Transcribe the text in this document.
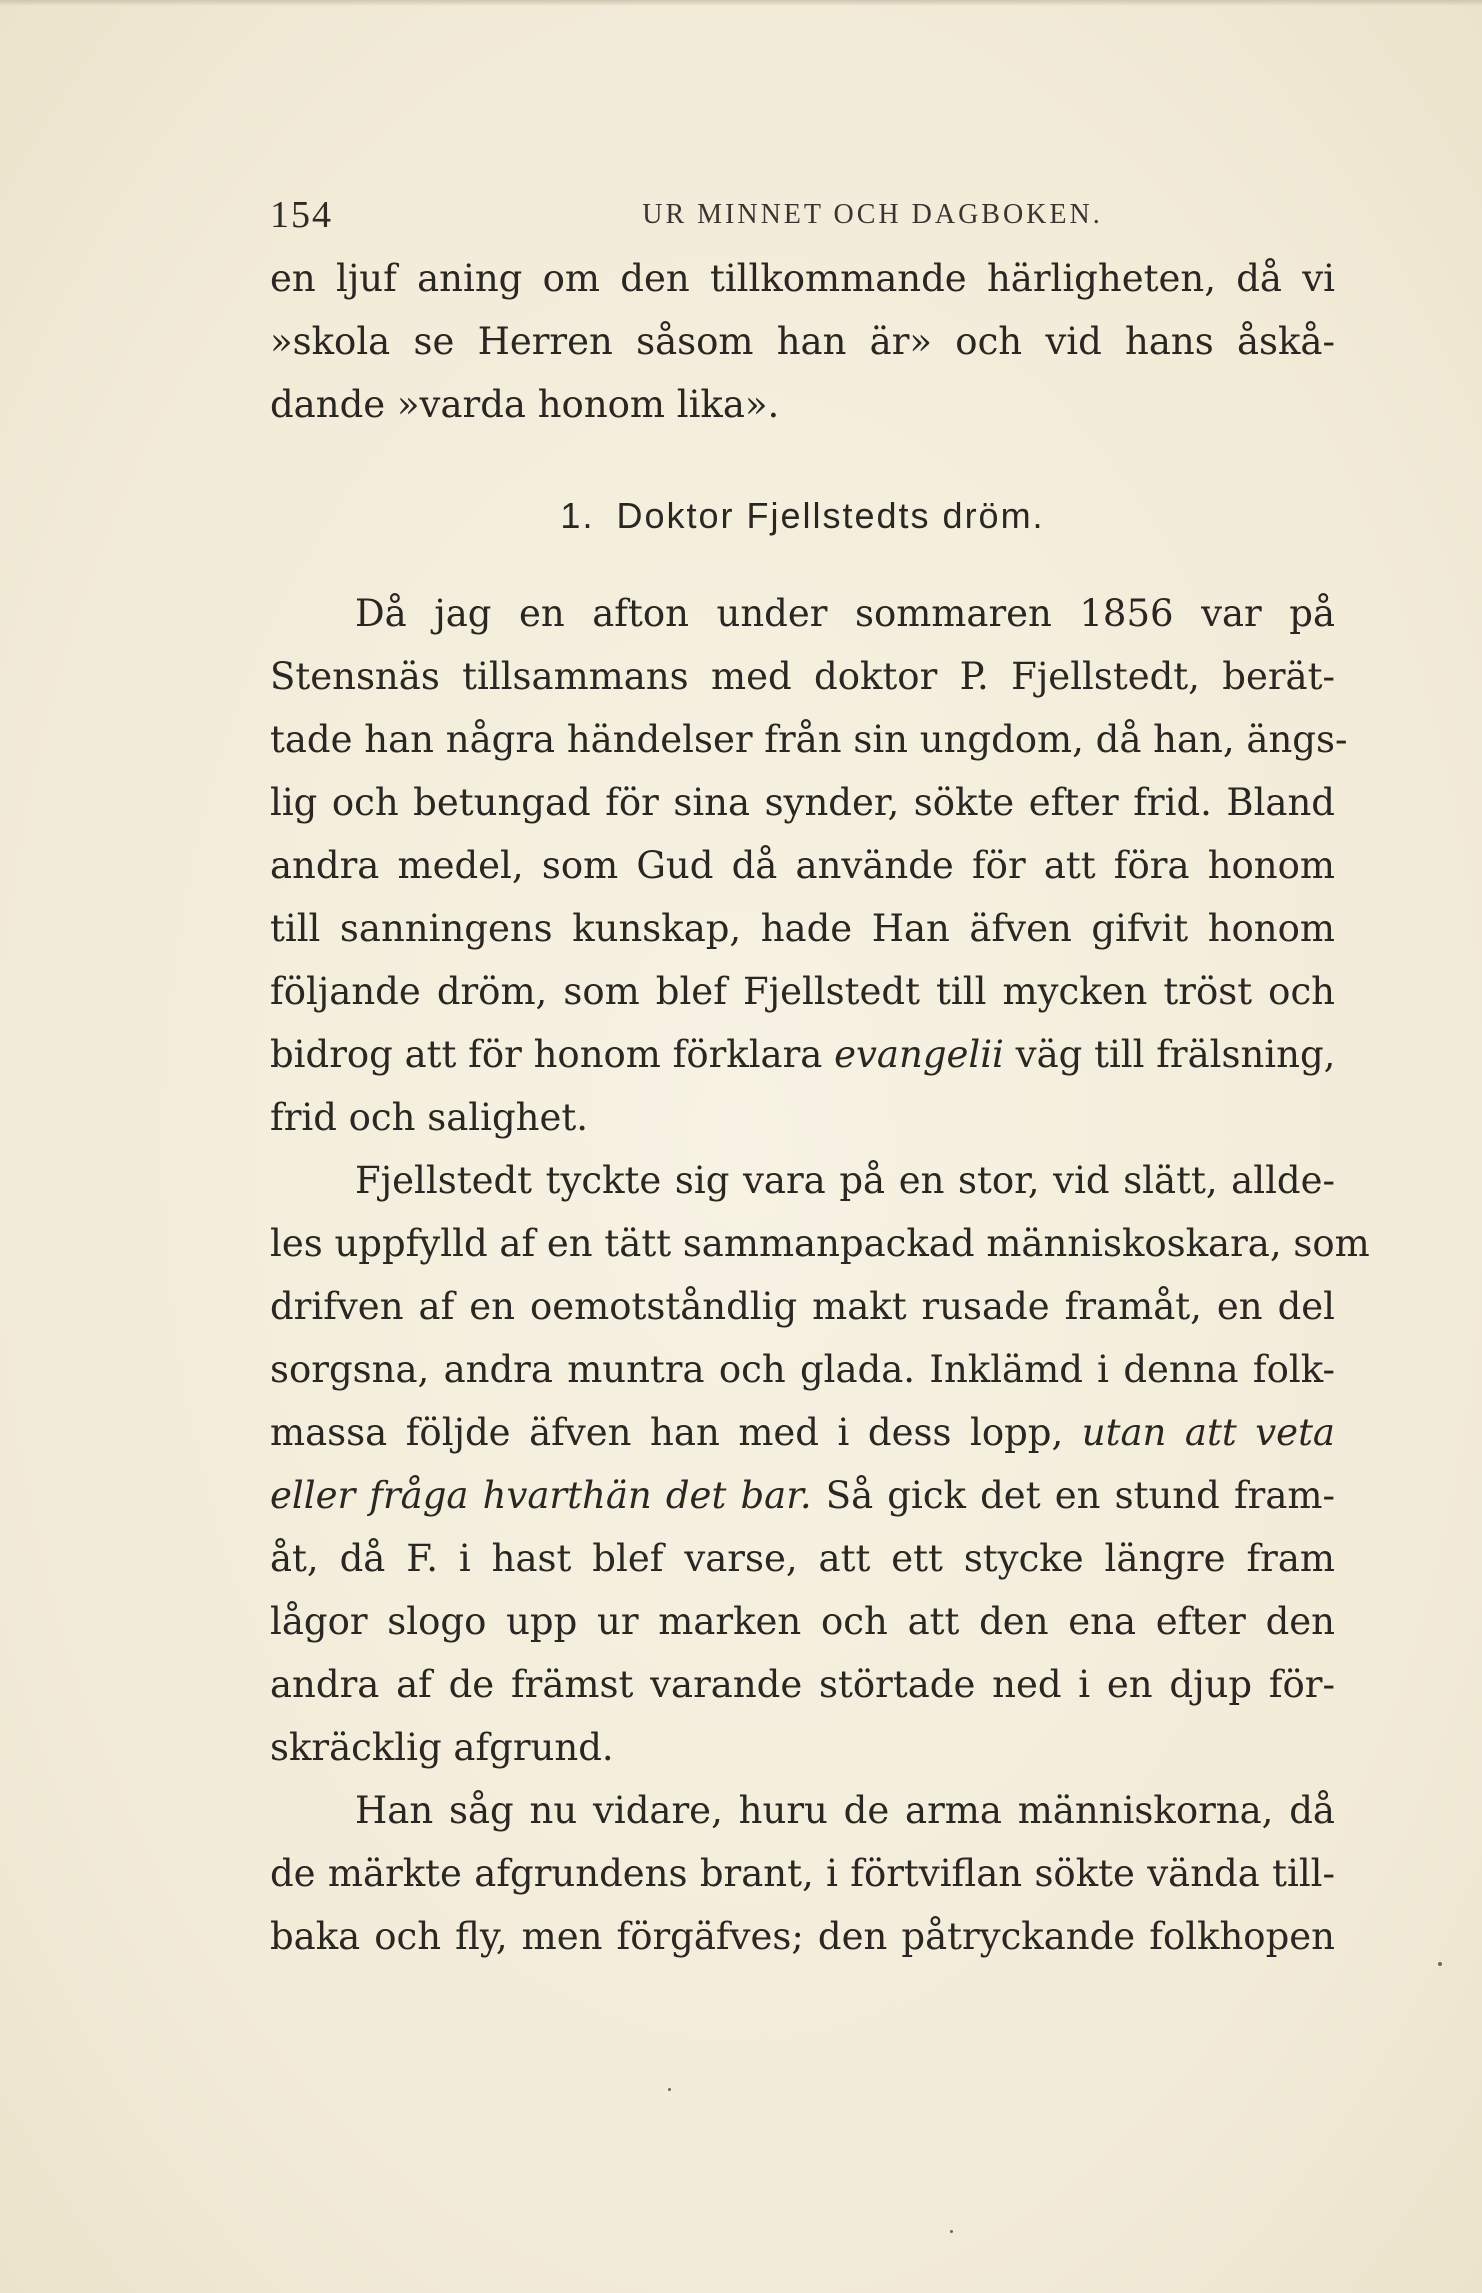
154	UR MINNET OCH DAGBOKEN.

en ljuf aning om den tillkommande härligheten, då vi

»skola se Herren såsom han är» och vid hans åskå-

dande »varda honom lika».

1. Doktor Fjellstedts dröm.

Då jag en afton under sommaren 1856 var på

Stensnäs tillsammans med doktor P. Fjellstedt, berät-

tade han några händelser från sin ungdom, då han, ängs-

lig och betungad för sina synder, sökte efter frid. Bland

andra medel, som Gud då använde för att föra honom

till sanningens kunskap, hade Han äfven gifvit honom

följande dröm, som blef Fjellstedt till mycken tröst och

bidrog att för honom förklara evangelii väg till frälsning,

frid och salighet.

Fjellstedt tyckte sig vara på en stor, vid slätt, allde-

les uppfylld af en tätt sammanpackad människoskara, som

drifven af en oemotståndlig makt rusade framåt, en del

sorgsna, andra muntra och glada. Inklämd i denna folk-

massa följde äfven han med i dess lopp, utan att veta

eller fråga hvarthän det bar. Så gick det en stund fram-

åt, då F. i hast blef varse, att ett stycke längre fram

lågor slogo upp ur marken och att den ena efter den

andra af de främst varande störtade ned i en djup för-

skräcklig afgrund.

Han såg nu vidare, huru de arma människorna, då

de märkte afgrundens brant, i förtviflan sökte vända till-

baka och fly, men förgäfves; den påtryckande folkhopen
